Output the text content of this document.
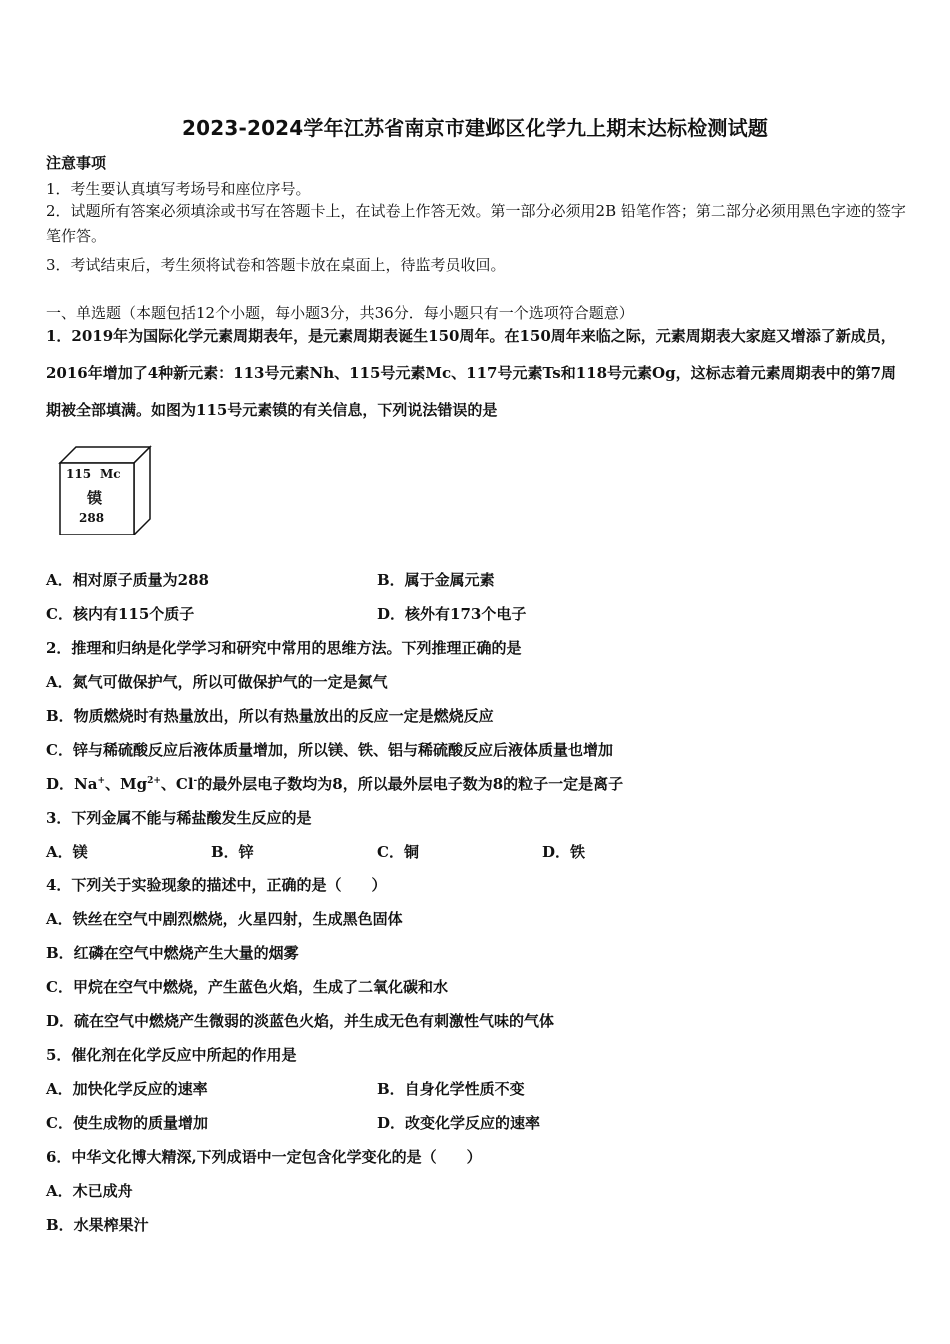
2023-2024学年江苏省南京市建邺区化学九上期末达标检测试题
注意事项
1．考生要认真填写考场号和座位序号。
2．试题所有答案必须填涂或书写在答题卡上，在试卷上作答无效。第一部分必须用2B 铅笔作答；第二部分必须用黑色字迹的签字笔作答。
3．考试结束后，考生须将试卷和答题卡放在桌面上，待监考员收回。
一、单选题（本题包括12个小题，每小题3分，共36分．每小题只有一个选项符合题意）
1．2019年为国际化学元素周期表年，是元素周期表诞生150周年。在150周年来临之际，元素周期表大家庭又增添了新成员，2016年增加了4种新元素：113号元素Nh、115号元素Mc、117号元素Ts和118号元素Og，这标志着元素周期表中的第7周期被全部填满。如图为115号元素镆的有关信息，下列说法错误的是
115 Mc
镆
288
A．相对原子质量为288	B．属于金属元素
C．核内有115个质子	D．核外有173个电子
2．推理和归纳是化学学习和研究中常用的思维方法。下列推理正确的是
A．氮气可做保护气，所以可做保护气的一定是氮气
B．物质燃烧时有热量放出，所以有热量放出的反应一定是燃烧反应
C．锌与稀硫酸反应后液体质量增加，所以镁、铁、铝与稀硫酸反应后液体质量也增加
D．Na+、$Mg^{2+}$、Cl-的最外层电子数均为8，所以最外层电子数为8的粒子一定是离子
3．下列金属不能与稀盐酸发生反应的是
A．镁	B．锌	C．铜	D．铁
4．下列关于实验现象的描述中，正确的是（　　）
A．铁丝在空气中剧烈燃烧，火星四射，生成黑色固体
B．红磷在空气中燃烧产生大量的烟雾
C．甲烷在空气中燃烧，产生蓝色火焰，生成了二氧化碳和水
D．硫在空气中燃烧产生微弱的淡蓝色火焰，并生成无色有刺激性气味的气体
5．催化剂在化学反应中所起的作用是
A．加快化学反应的速率	B．自身化学性质不变
C．使生成物的质量增加	D．改变化学反应的速率
6．中华文化博大精深,下列成语中一定包含化学变化的是（　　）
A．木已成舟
B．水果榨果汁
